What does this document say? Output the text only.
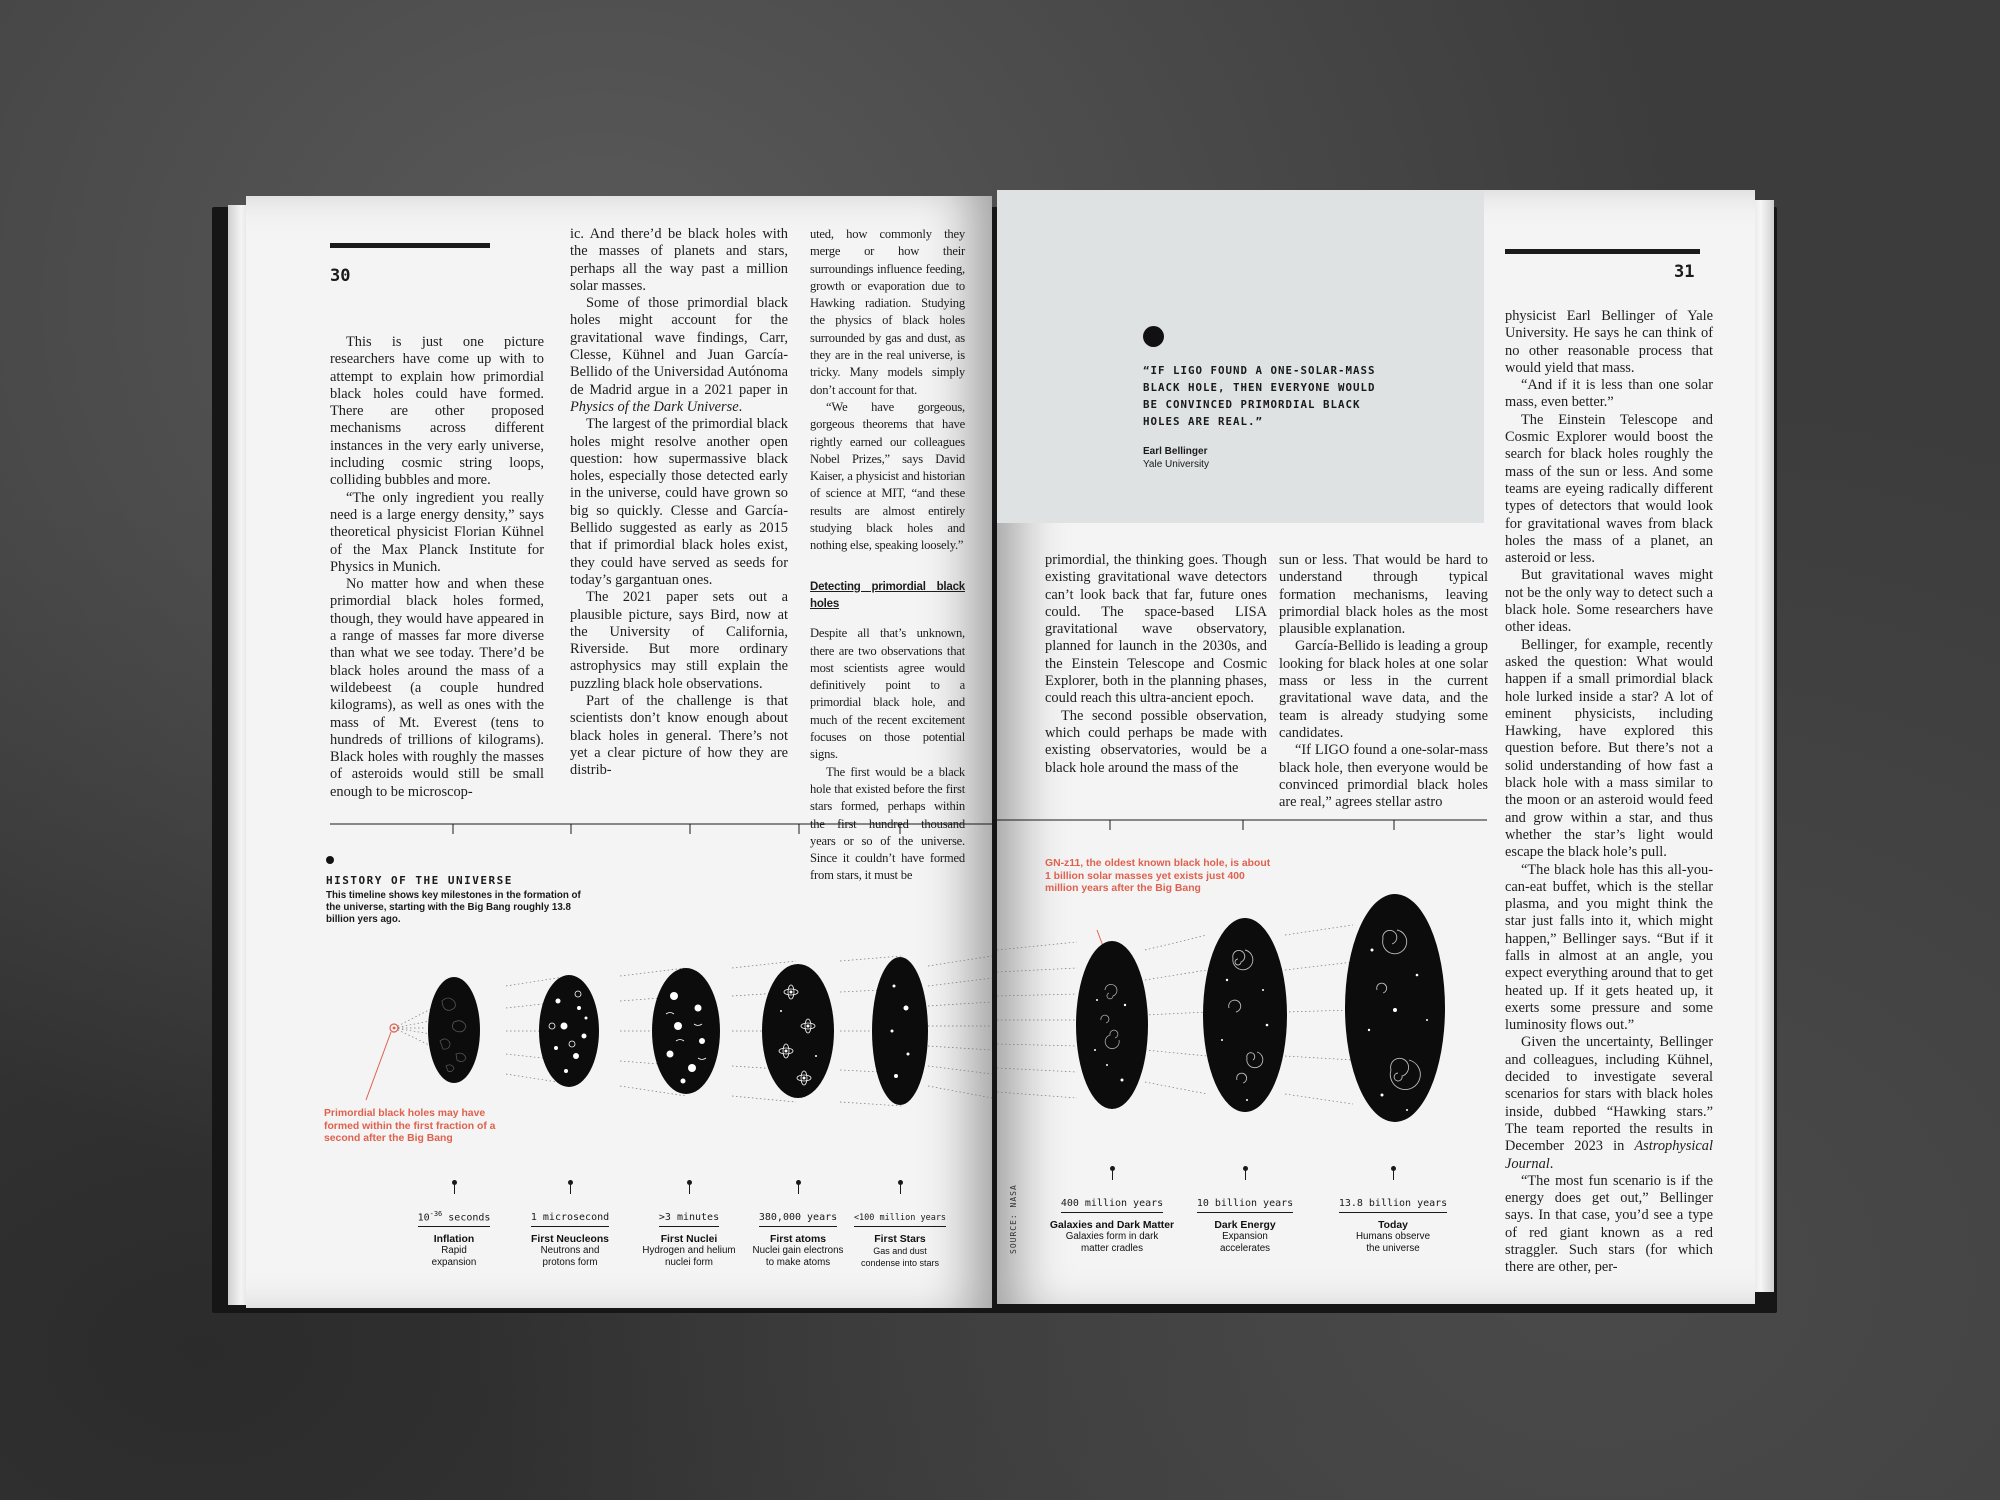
30

This is just one picture researchers have come up with to attempt to explain how primordial black holes could have formed. There are other proposed mechanisms across different instances in the very early universe, including cosmic string loops, colliding bubbles and more.

“The only ingredient you really need is a large energy density,” says theoretical physicist Florian Kühnel of the Max Planck Institute for Physics in Munich.

No matter how and when these primordial black holes formed, though, they would have appeared in a range of masses far more diverse than what we see today. There’d be black holes around the mass of a wildebeest (a couple hundred kilograms), as well as ones with the mass of Mt. Everest (tens to hundreds of trillions of kilograms). Black holes with roughly the masses of asteroids would still be small enough to be microscop-

ic. And there’d be black holes with the masses of planets and stars, perhaps all the way past a million solar masses.

Some of those primordial black holes might account for the gravitational wave findings, Carr, Clesse, Kühnel and Juan García-Bellido of the Universidad Autónoma de Madrid argue in a 2021 paper in Physics of the Dark Universe.

The largest of the primordial black holes might resolve another open question: how supermassive black holes, especially those detected early in the universe, could have grown so big so quickly. Clesse and García-Bellido suggested as early as 2015 that if primordial black holes exist, they could have served as seeds for today’s gargantuan ones.

The 2021 paper sets out a plausible picture, says Bird, now at the University of California, Riverside. But more ordinary astrophysics may still explain the puzzling black hole observations.

Part of the challenge is that scientists don’t know enough about black holes in general. There’s not yet a clear picture of how they are distrib-

uted, how commonly they merge or how their surroundings influence feeding, growth or evaporation due to Hawking radiation. Studying the physics of black holes surrounded by gas and dust, as they are in the real universe, is tricky. Many models simply don’t account for that.

“We have gorgeous, gorgeous theorems that have rightly earned our colleagues Nobel Prizes,” says David Kaiser, a physicist and historian of science at MIT, “and these results are almost entirely studying black holes and nothing else, speaking loosely.”

Detecting primordial black holes

Despite all that’s unknown, there are two observations that most scientists agree would definitively point to a primordial black hole, and much of the recent excitement focuses on those potential signs.

The first would be a black hole that existed before the first stars formed, perhaps within the first hundred thousand years or so of the universe. Since it couldn’t have formed from stars, it must be

HISTORY OF THE UNIVERSE
This timeline shows key milestones in the formation of the universe, starting with the Big Bang roughly 13.8 billion yers ago.
Primordial black holes may have formed within the first fraction of a second after the Big Bang
$10^{-36}$ seconds
Inflation
Rapid expansion
1 microsecond
First Neucleons
Neutrons and protons form
>3 minutes
First Nuclei
Hydrogen and helium nuclei form
380,000 years
First atoms
Nuclei gain electrons to make atoms
<100 million years
First Stars
Gas and dust condense into stars
“IF LIGO FOUND A ONE-SOLAR-MASS BLACK HOLE, THEN EVERYONE WOULD BE CONVINCED PRIMORDIAL BLACK HOLES ARE REAL.”
Earl Bellinger
Yale University
31

primordial, the thinking goes. Though existing gravitational wave detectors can’t look back that far, future ones could. The space-based LISA gravitational wave observatory, planned for launch in the 2030s, and the Einstein Telescope and Cosmic Explorer, both in the planning phases, could reach this ultra-ancient epoch.

The second possible observation, which could perhaps be made with existing observatories, would be a black hole around the mass of the

sun or less. That would be hard to understand through typical formation mechanisms, leaving primordial black holes as the most plausible explanation.

García-Bellido is leading a group looking for black holes at one solar mass or less in the current gravitational wave data, and the team is already studying some candidates.

“If LIGO found a one-solar-mass black hole, then everyone would be convinced primordial black holes are real,” agrees stellar astro

physicist Earl Bellinger of Yale University. He says he can think of no other reasonable process that would yield that mass.

“And if it is less than one solar mass, even better.”

The Einstein Telescope and Cosmic Explorer would boost the search for black holes roughly the mass of the sun or less. And some teams are eyeing radically different types of detectors that would look for gravitational waves from black holes the mass of a planet, an asteroid or less.

But gravitational waves might not be the only way to detect such a black hole. Some researchers have other ideas.

Bellinger, for example, recently asked the question: What would happen if a small primordial black hole lurked inside a star? A lot of eminent physicists, including Hawking, have explored this question before. But there’s not a solid understanding of how fast a black hole with a mass similar to the moon or an asteroid would feed and grow within a star, and thus whether the star’s light would escape the black hole’s pull.

“The black hole has this all-you-can-eat buffet, which is the stellar plasma, and you might think the star just falls into it, which might happen,” Bellinger says. “But if it falls in almost at an angle, you expect everything around that to get heated up. If it gets heated up, it exerts some pressure and some luminosity flows out.”

Given the uncertainty, Bellinger and colleagues, including Kühnel, decided to investigate several scenarios for stars with black holes inside, dubbed “Hawking stars.” The team reported the results in December 2023 in Astrophysical Journal.

“The most fun scenario is if the energy does get out,” Bellinger says. In that case, you’d see a type of red giant known as a red straggler. Such stars (for which there are other, per-

GN-z11, the oldest known black hole, is about 1 billion solar masses yet exists just 400 million years after the Big Bang
SOURCE: NASA	400 million years
Galaxies and Dark Matter
Galaxies form in dark matter cradles
10 billion years
Dark Energy
Expansion accelerates
13.8 billion years
Today
Humans observe the universe
